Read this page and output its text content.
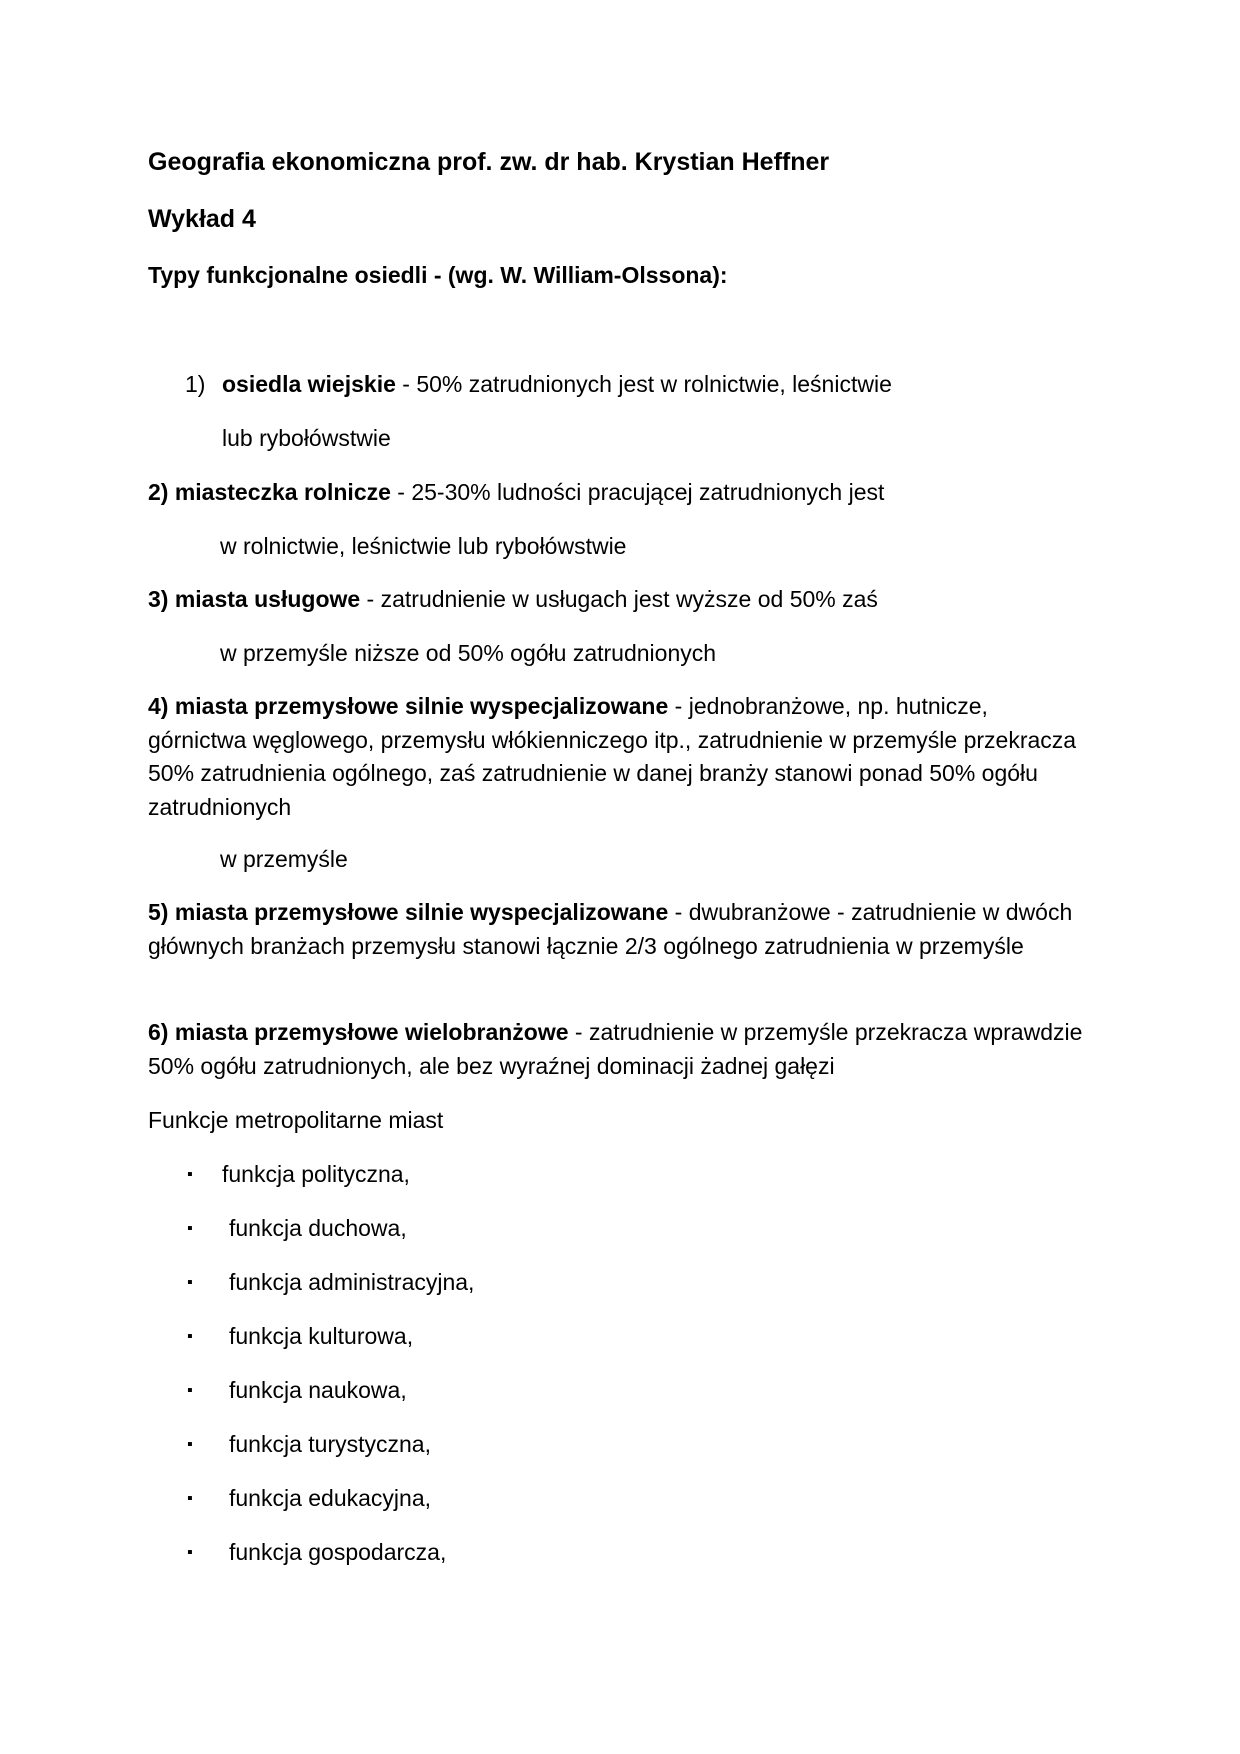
Geografia ekonomiczna prof. zw. dr hab. Krystian Heffner

Wykład 4

Typy funkcjonalne osiedli - (wg. W. William-Olssona):

1) osiedla wiejskie - 50% zatrudnionych jest w rolnictwie, leśnictwie

lub rybołówstwie

2) miasteczka rolnicze - 25-30% ludności pracującej zatrudnionych jest

w rolnictwie, leśnictwie lub rybołówstwie

3) miasta usługowe - zatrudnienie w usługach jest wyższe od 50% zaś

w przemyśle niższe od 50% ogółu zatrudnionych

4) miasta przemysłowe silnie wyspecjalizowane - jednobranżowe, np. hutnicze, górnictwa węglowego, przemysłu włókienniczego itp., zatrudnienie w przemyśle przekracza 50% zatrudnienia ogólnego, zaś zatrudnienie w danej branży stanowi ponad 50% ogółu zatrudnionych

w przemyśle

5) miasta przemysłowe silnie wyspecjalizowane - dwubranżowe - zatrudnienie w dwóch głównych branżach przemysłu stanowi łącznie 2/3 ogólnego zatrudnienia w przemyśle

6) miasta przemysłowe wielobranżowe - zatrudnienie w przemyśle przekracza wprawdzie 50% ogółu zatrudnionych, ale bez wyraźnej dominacji żadnej gałęzi

Funkcje metropolitarne miast

▪ funkcja polityczna,
▪ funkcja duchowa,
▪ funkcja administracyjna,
▪ funkcja kulturowa,
▪ funkcja naukowa,
▪ funkcja turystyczna,
▪ funkcja edukacyjna,
▪ funkcja gospodarcza,
